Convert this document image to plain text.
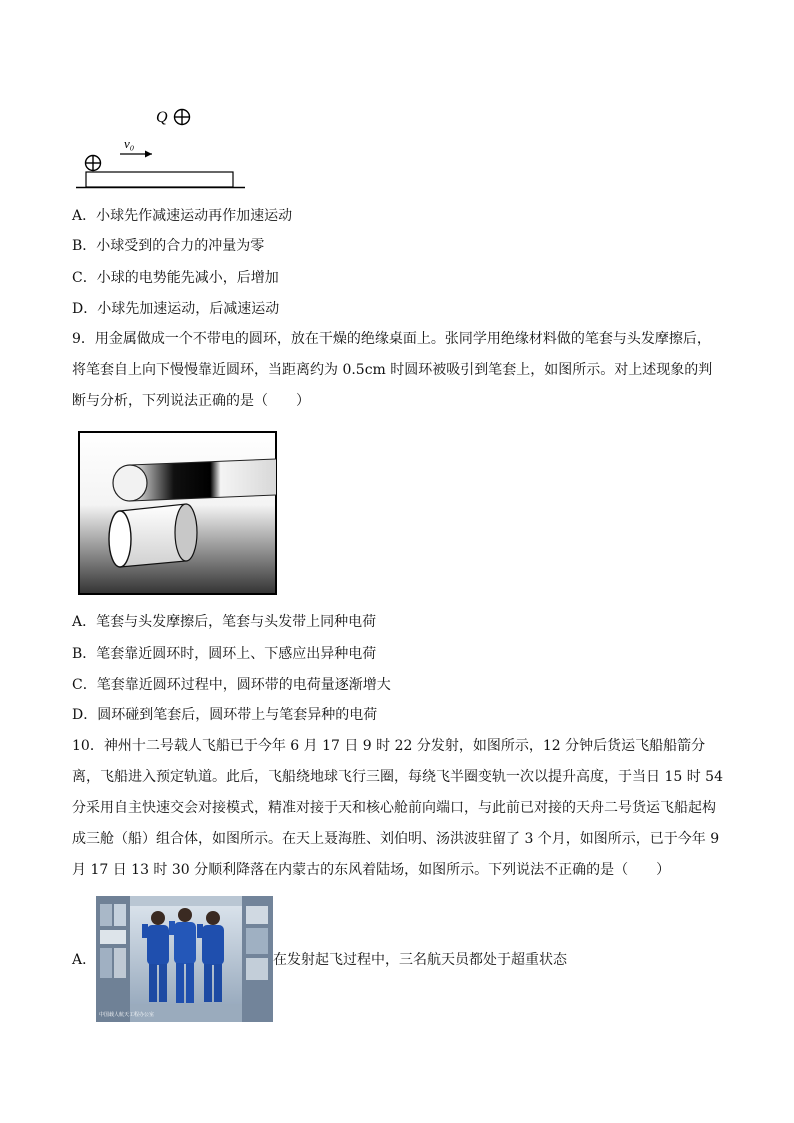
Q
v₀
A．小球先作减速运动再作加速运动
B．小球受到的合力的冲量为零
C．小球的电势能先减小，后增加
D．小球先加速运动，后减速运动
9．用金属做成一个不带电的圆环，放在干燥的绝缘桌面上。张同学用绝缘材料做的笔套与头发摩擦后，将笔套自上向下慢慢靠近圆环，当距离约为 0.5cm 时圆环被吸引到笔套上，如图所示。对上述现象的判断与分析，下列说法正确的是（　　）
A．笔套与头发摩擦后，笔套与头发带上同种电荷
B．笔套靠近圆环时，圆环上、下感应出异种电荷
C．笔套靠近圆环过程中，圆环带的电荷量逐渐增大
D．圆环碰到笔套后，圆环带上与笔套异种的电荷
10．神州十二号载人飞船已于今年 6 月 17 日 9 时 22 分发射，如图所示，12 分钟后货运飞船船箭分离，飞船进入预定轨道。此后，飞船绕地球飞行三圈，每绕飞半圈变轨一次以提升高度，于当日 15 时 54 分采用自主快速交会对接模式，精准对接于天和核心舱前向端口，与此前已对接的天舟二号货运飞船起构成三舱（船）组合体，如图所示。在天上聂海胜、刘伯明、汤洪波驻留了 3 个月，如图所示，已于今年 9 月 17 日 13 时 30 分顺利降落在内蒙古的东风着陆场，如图所示。下列说法不正确的是（　　）
A．
中国载人航天工程办公室
在发射起飞过程中，三名航天员都处于超重状态
